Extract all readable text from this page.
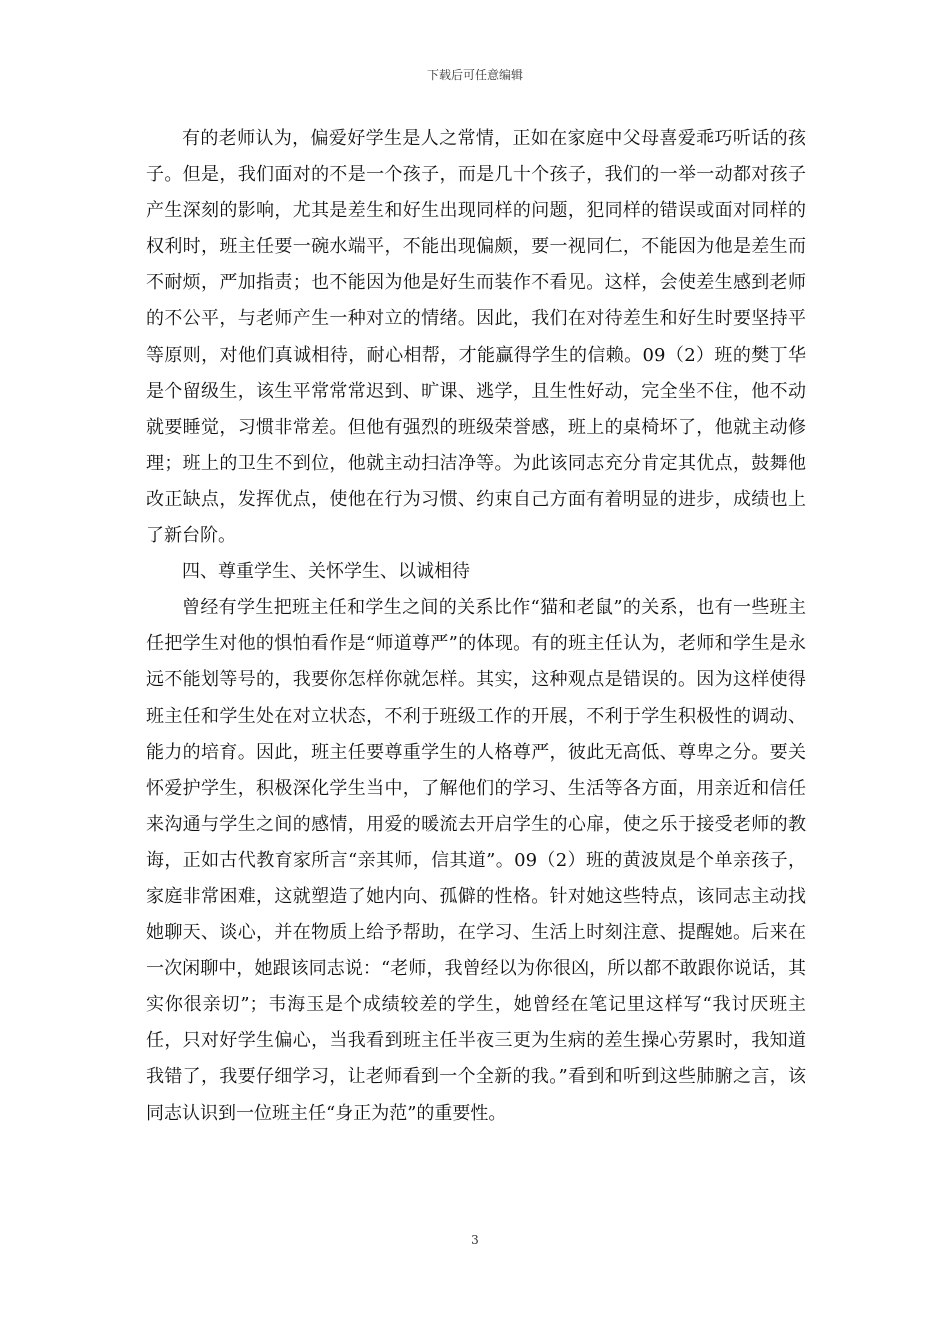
下载后可任意编辑

有的老师认为，偏爱好学生是人之常情，正如在家庭中父母喜爱乖巧听话的孩子。但是，我们面对的不是一个孩子，而是几十个孩子，我们的一举一动都对孩子产生深刻的影响，尤其是差生和好生出现同样的问题，犯同样的错误或面对同样的权利时，班主任要一碗水端平，不能出现偏颇，要一视同仁，不能因为他是差生而不耐烦，严加指责；也不能因为他是好生而装作不看见。这样，会使差生感到老师的不公平，与老师产生一种对立的情绪。因此，我们在对待差生和好生时要坚持平等原则，对他们真诚相待，耐心相帮，才能赢得学生的信赖。09（2）班的樊丁华是个留级生，该生平常常常迟到、旷课、逃学，且生性好动，完全坐不住，他不动就要睡觉，习惯非常差。但他有强烈的班级荣誉感，班上的桌椅坏了，他就主动修理；班上的卫生不到位，他就主动扫洁净等。为此该同志充分肯定其优点，鼓舞他改正缺点，发挥优点，使他在行为习惯、约束自己方面有着明显的进步，成绩也上了新台阶。

四、尊重学生、关怀学生、以诚相待

曾经有学生把班主任和学生之间的关系比作“猫和老鼠”的关系，也有一些班主任把学生对他的惧怕看作是“师道尊严”的体现。有的班主任认为，老师和学生是永远不能划等号的，我要你怎样你就怎样。其实，这种观点是错误的。因为这样使得班主任和学生处在对立状态，不利于班级工作的开展，不利于学生积极性的调动、能力的培育。因此，班主任要尊重学生的人格尊严，彼此无高低、尊卑之分。要关怀爱护学生，积极深化学生当中，了解他们的学习、生活等各方面，用亲近和信任来沟通与学生之间的感情，用爱的暖流去开启学生的心扉，使之乐于接受老师的教诲，正如古代教育家所言“亲其师，信其道”。09（2）班的黄波岚是个单亲孩子，家庭非常困难，这就塑造了她内向、孤僻的性格。针对她这些特点，该同志主动找她聊天、谈心，并在物质上给予帮助，在学习、生活上时刻注意、提醒她。后来在一次闲聊中，她跟该同志说：“老师，我曾经以为你很凶，所以都不敢跟你说话，其实你很亲切”；韦海玉是个成绩较差的学生，她曾经在笔记里这样写“我讨厌班主任，只对好学生偏心，当我看到班主任半夜三更为生病的差生操心劳累时，我知道我错了，我要仔细学习，让老师看到一个全新的我。”看到和听到这些肺腑之言，该同志认识到一位班主任“身正为范”的重要性。

3
